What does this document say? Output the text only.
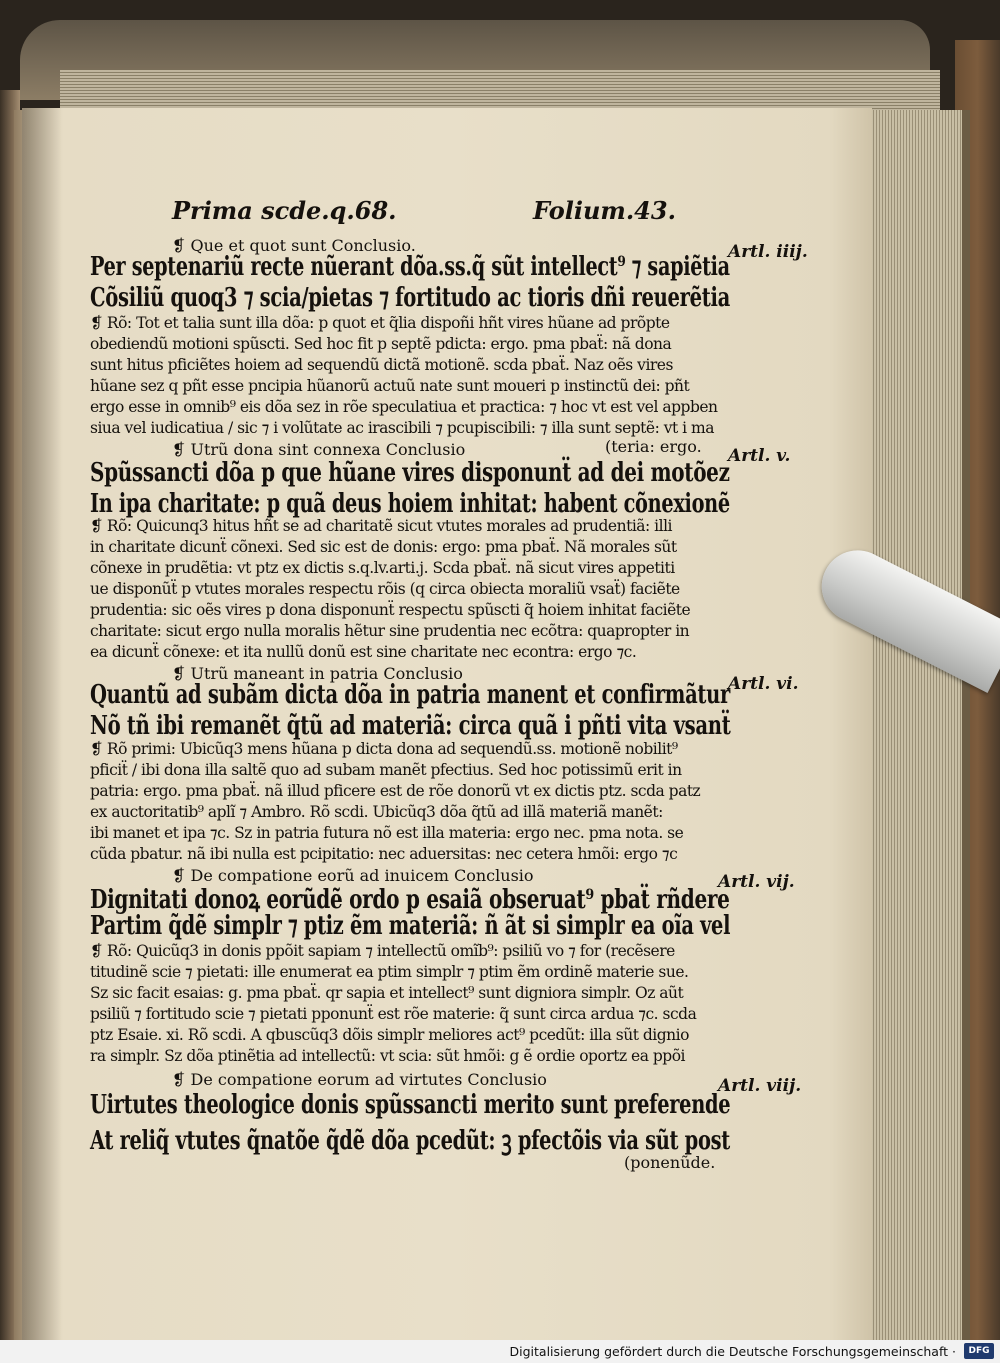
Prima scde.q.68.	Folium.43.
❡ Que et quot sunt Conclusio.	Artl. iiij.
Per septenariũ recte nũerant dõa.ss.q̃ sũt intellect⁹ ⁊ sapiẽtia
Cõsiliũ quoq3 ⁊ scia/pietas ⁊ fortitudo ac tioris dñi reuerẽtia
❡ Rõ: Tot et talia sunt illa dõa: p quot et q̃lia dispoñi hñt vires hũane ad prõpte
obediendũ motioni spũscti. Sed hoc fit p septẽ pdicta: ergo. pma pbaẗ: nã dona
sunt hitus pficiẽtes hoiem ad sequendũ dictã motionẽ. scda pbaẗ. Naz oẽs vires
hũane sez q pñt esse pncipia hũanorũ actuũ nate sunt moueri p instinctũ dei: pñt
ergo esse in omnib⁹ eis dõa sez in rõe speculatiua et practica: ⁊ hoc vt est vel appben
siua vel iudicatiua / sic ⁊ i volũtate ac irascibili ⁊ pcupiscibili: ⁊ illa sunt septẽ: vt i ma
❡ Utrũ dona sint connexa Conclusio	(teria: ergo. Artl. v.
Spũssancti dõa p que hũane vires disponunẗ ad dei motõez
In ipa charitate: p quã deus hoiem inhitat: habent cõnexionẽ
❡ Rõ: Quicunq3 hitus hñt se ad charitatẽ sicut vtutes morales ad prudentiã: illi
in charitate dicunẗ cõnexi. Sed sic est de donis: ergo: pma pbaẗ. Nã morales sũt
cõnexe in prudẽtia: vt ptz ex dictis s.q.lv.arti.j. Scda pbaẗ. nã sicut vires appetiti
ue disponũẗ p vtutes morales respectu rõis (q circa obiecta moraliũ vsaẗ) faciẽte
prudentia: sic oẽs vires p dona disponunẗ respectu spũscti q̃ hoiem inhitat faciẽte
charitate: sicut ergo nulla moralis hẽtur sine prudentia nec ecõtra: quapropter in
ea dicunẗ cõnexe: et ita nullũ donũ est sine charitate nec econtra: ergo ⁊c.
❡ Utrũ maneant in patria Conclusio
Artl. vi.
Quantũ ad subãm dicta dõa in patria manent et confirmãtur
Nõ tñ ibi remanẽt q̃tũ ad materiã: circa quã i pñti vita vsanẗ
❡ Rõ primi: Ubicũq3 mens hũana p dicta dona ad sequendũ.ss. motionẽ nobilit⁹
pficiẗ / ibi dona illa saltẽ quo ad subam manẽt pfectius. Sed hoc potissimũ erit in
patria: ergo. pma pbaẗ. nã illud pficere est de rõe donorũ vt ex dictis ptz. scda patz
ex auctoritatib⁹ aplĩ ⁊ Ambro. Rõ scdi. Ubicũq3 dõa q̃tũ ad illã materiã manẽt:
ibi manet et ipa ⁊c. Sz in patria futura nõ est illa materia: ergo nec. pma nota. se
cũda pbatur. nã ibi nulla est pcipitatio: nec aduersitas: nec cetera hmõi: ergo ⁊c
❡ De compatione eorũ ad inuicem Conclusio	Artl. vij.
Dignitati donoꝝ eorũdẽ ordo p esaiã obseruat⁹ pbaẗ rñdere
Partim q̃dẽ simplr ⁊ ptiz ẽm materiã: ñ ãt si simplr ea oĩa vel
❡ Rõ: Quicũq3 in donis ppõit sapiam ⁊ intellectũ omĩb⁹: psiliũ vo ⁊ for (recẽsere
titudinẽ scie ⁊ pietati: ille enumerat ea ptim simplr ⁊ ptim ẽm ordinẽ materie sue.
Sz sic facit esaias: g. pma pbaẗ. qr sapia et intellect⁹ sunt digniora simplr. Oz aũt
psiliũ ⁊ fortitudo scie ⁊ pietati pponunẗ est rõe materie: q̃ sunt circa ardua ⁊c. scda
ptz Esaie. xi. Rõ scdi. A qbuscũq3 dõis simplr meliores act⁹ pcedũt: illa sũt dignio
ra simplr. Sz dõa ptinẽtia ad intellectũ: vt scia: sũt hmõi: g ẽ ordie oportz ea ppõi
❡ De compatione eorum ad virtutes Conclusio	Artl. viij.
Uirtutes theologice donis spũssancti merito sunt preferende
At reliq̃ vtutes q̃natõe q̃dẽ dõa pcedũt: ꝫ pfectõis via sũt post
(ponenũde.
Digitalisierung gefördert durch die Deutsche Forschungsgemeinschaft ·	DFG
